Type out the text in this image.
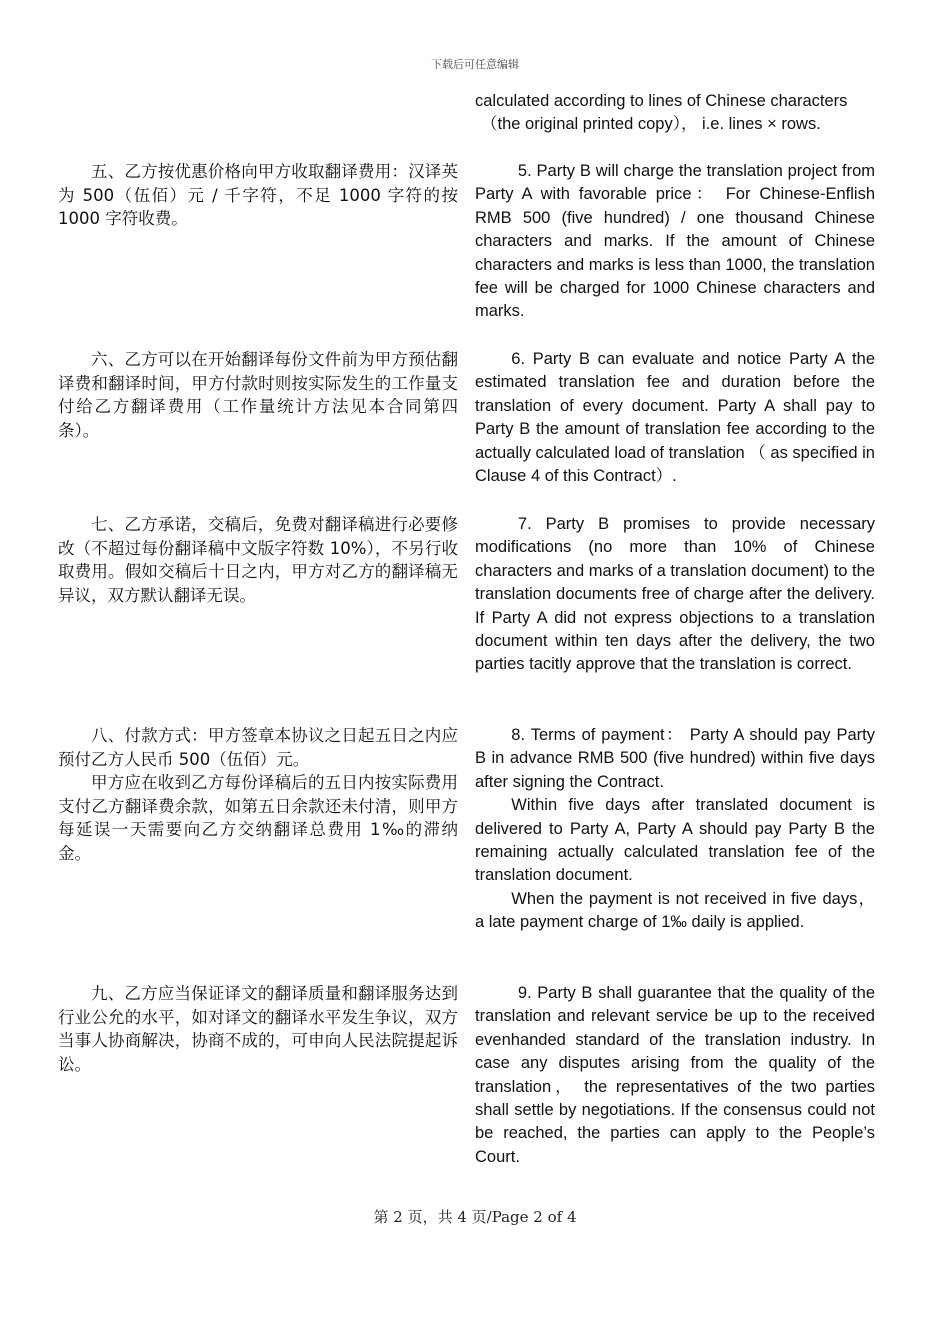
下载后可任意编辑

calculated according to lines of Chinese characters

（the original printed copy）， i.e. lines × rows.

五、乙方按优惠价格向甲方收取翻译费用：汉译英为 500（伍佰）元 / 千字符，不足 1000 字符的按 1000 字符收费。

5. Party B will charge the translation project from Party A with favorable price： For Chinese-Enflish RMB 500 (five hundred) / one thousand Chinese characters and marks. If the amount of Chinese characters and marks is less than 1000, the translation fee will be charged for 1000 Chinese characters and marks.

六、乙方可以在开始翻译每份文件前为甲方预估翻译费和翻译时间，甲方付款时则按实际发生的工作量支付给乙方翻译费用（工作量统计方法见本合同第四条）。

6. Party B can evaluate and notice Party A the estimated translation fee and duration before the translation of every document. Party A shall pay to Party B the amount of translation fee according to the actually calculated load of translation （ as specified in Clause 4 of this Contract）.

七、乙方承诺，交稿后，免费对翻译稿进行必要修改（不超过每份翻译稿中文版字符数 10%），不另行收取费用。假如交稿后十日之内，甲方对乙方的翻译稿无异议，双方默认翻译无误。

7. Party B promises to provide necessary modifications (no more than 10% of Chinese characters and marks of a translation document) to the translation documents free of charge after the delivery. If Party A did not express objections to a translation document within ten days after the delivery, the two parties tacitly approve that the translation is correct.

八、付款方式：甲方签章本协议之日起五日之内应预付乙方人民币 500（伍佰）元。

甲方应在收到乙方每份译稿后的五日内按实际费用支付乙方翻译费余款，如第五日余款还未付清，则甲方每延误一天需要向乙方交纳翻译总费用 1‰的滞纳金。

8. Terms of payment： Party A should pay Party B in advance RMB 500 (five hundred) within five days after signing the Contract.

Within five days after translated document is delivered to Party A, Party A should pay Party B the remaining actually calculated translation fee of the translation document.

When the payment is not received in five days， a late payment charge of 1‰ daily is applied.

九、乙方应当保证译文的翻译质量和翻译服务达到行业公允的水平，如对译文的翻译水平发生争议，双方当事人协商解决，协商不成的，可申向人民法院提起诉讼。

9. Party B shall guarantee that the quality of the translation and relevant service be up to the received evenhanded standard of the translation industry. In case any disputes arising from the quality of the translation， the representatives of the two parties shall settle by negotiations. If the consensus could not be reached, the parties can apply to the People’s Court.

第 2 页，共 4 页/Page 2 of 4
